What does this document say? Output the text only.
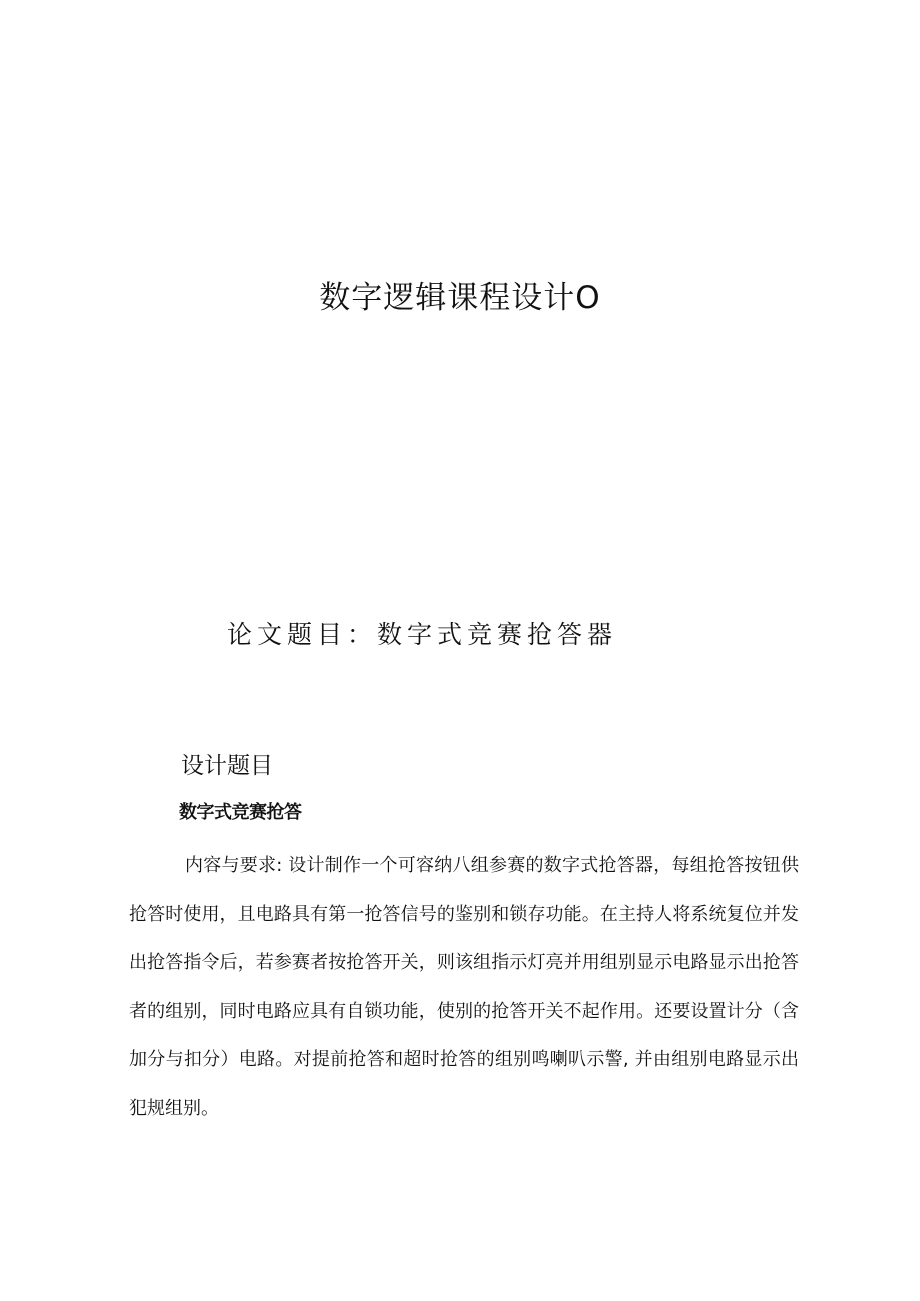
数字逻辑课程设计O
论文题目：数字式竞赛抢答器
设计题目

数字式竞赛抢答

内容与要求: 设计制作一个可容纳八组参赛的数字式抢答器，每组抢答按钮供抢答时使用，且电路具有第一抢答信号的鉴别和锁存功能。在主持人将系统复位并发出抢答指令后，若参赛者按抢答开关，则该组指示灯亮并用组别显示电路显示出抢答者的组别，同时电路应具有自锁功能，使别的抢答开关不起作用。还要设置计分（含加分与扣分）电路。对提前抢答和超时抢答的组别鸣喇叭示警, 并由组别电路显示出犯规组别。
